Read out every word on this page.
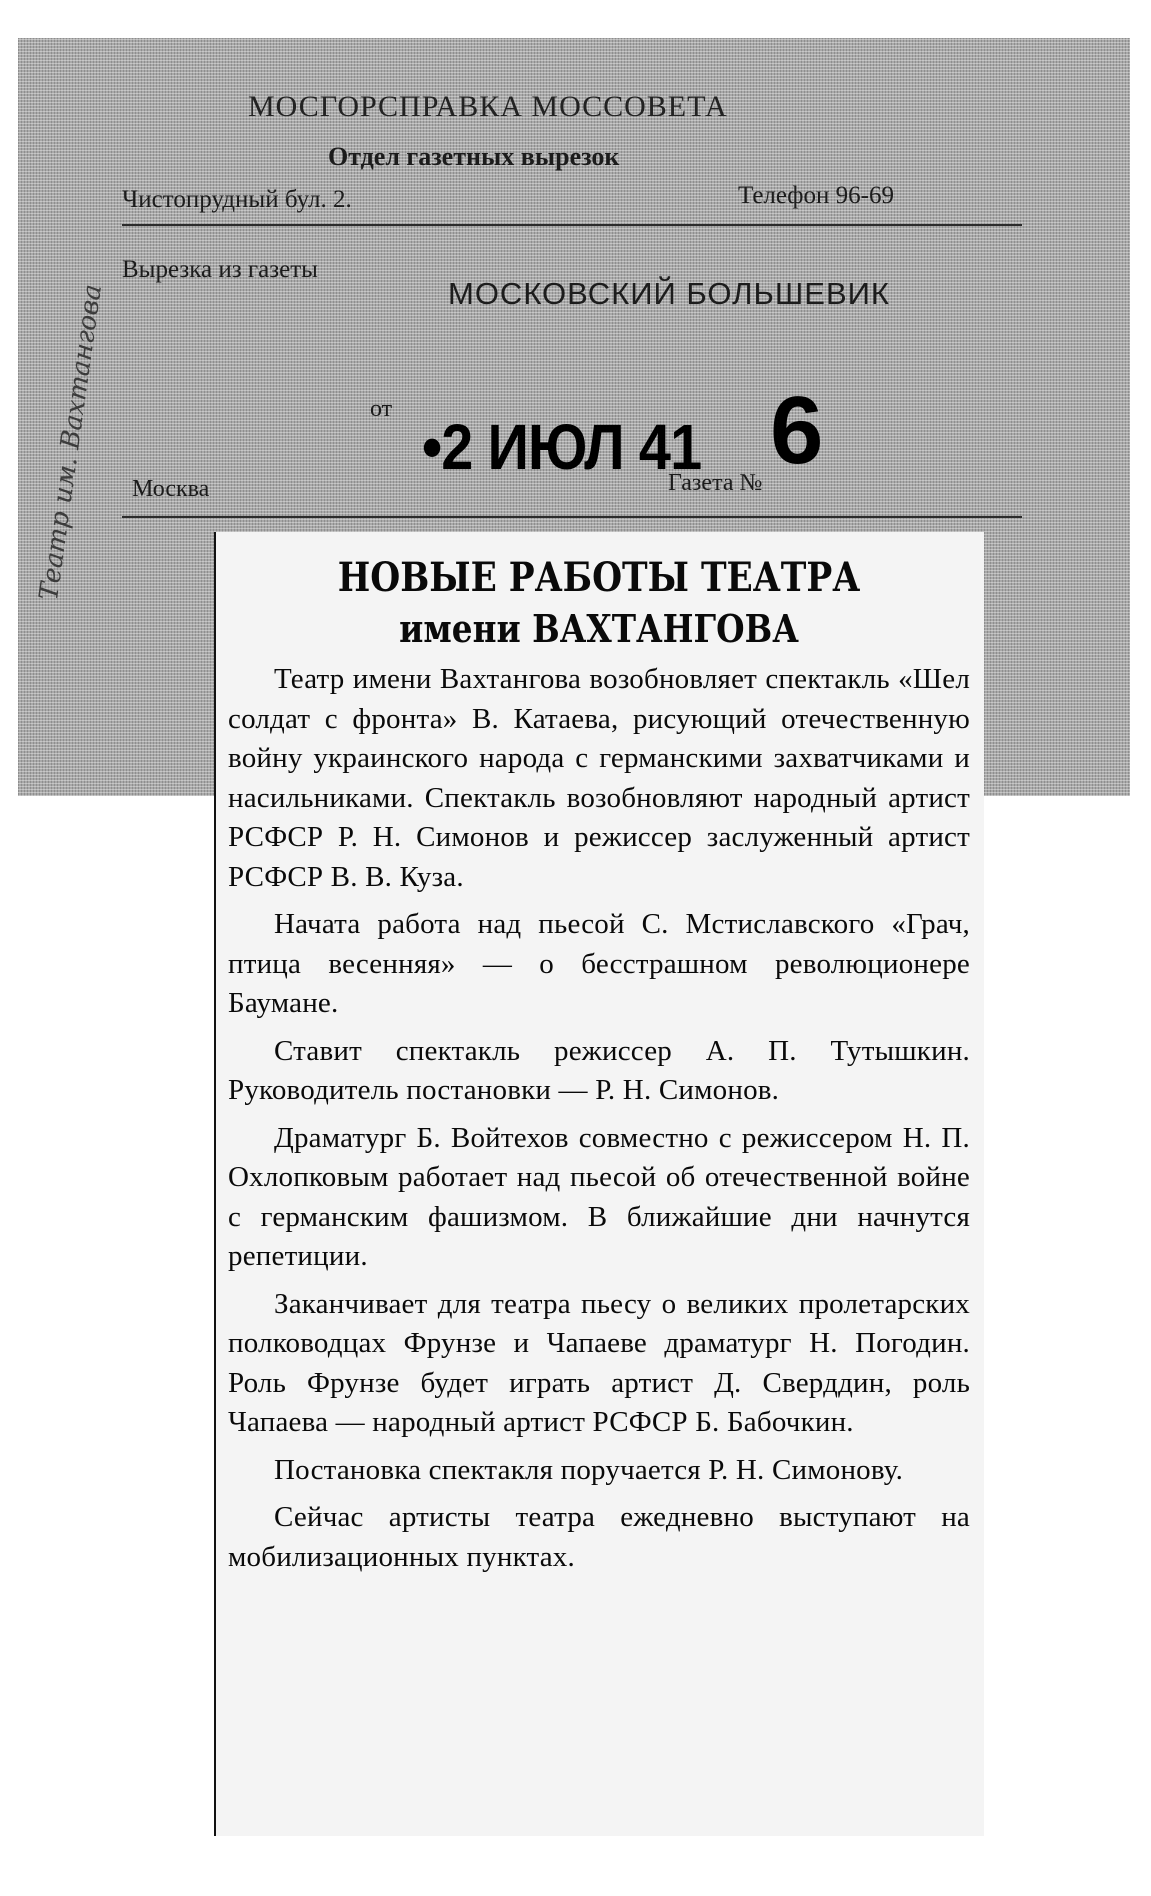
МОСГОРСПРАВКА МОССОВЕТА
Отдел газетных вырезок
Чистопрудный бул. 2.	Телефон 96-69
Вырезка из газеты
МОСКОВСКИЙ БОЛЬШЕВИК
от
•2 ИЮЛ 41 6
Москва	Газета №
Театр им. Вахтангова	НОВЫЕ РАБОТЫ ТЕАТРА
имени ВАХТАНГОВА

Театр имени Вахтангова возобновляет спектакль «Шел солдат с фронта» В. Катаева, рисующий отечественную войну украинского народа с германскими захватчиками и насильниками. Спектакль возобновляют народный артист РСФСР Р. Н. Симонов и режиссер заслуженный артист РСФСР В. В. Куза.

Начата работа над пьесой С. Мстиславского «Грач, птица весенняя» — о бесстрашном революционере Баумане.

Ставит спектакль режиссер А. П. Тутышкин. Руководитель постановки — Р. Н. Симонов.

Драматург Б. Войтехов совместно с режиссером Н. П. Охлопковым работает над пьесой об отечественной войне с германским фашизмом. В ближайшие дни начнутся репетиции.

Заканчивает для театра пьесу о великих пролетарских полководцах Фрунзе и Чапаеве драматург Н. Погодин. Роль Фрунзе будет играть артист Д. Сверддин, роль Чапаева — народный артист РСФСР Б. Бабочкин.

Постановка спектакля поручается Р. Н. Симонову.

Сейчас артисты театра ежедневно выступают на мобилизационных пунктах.
